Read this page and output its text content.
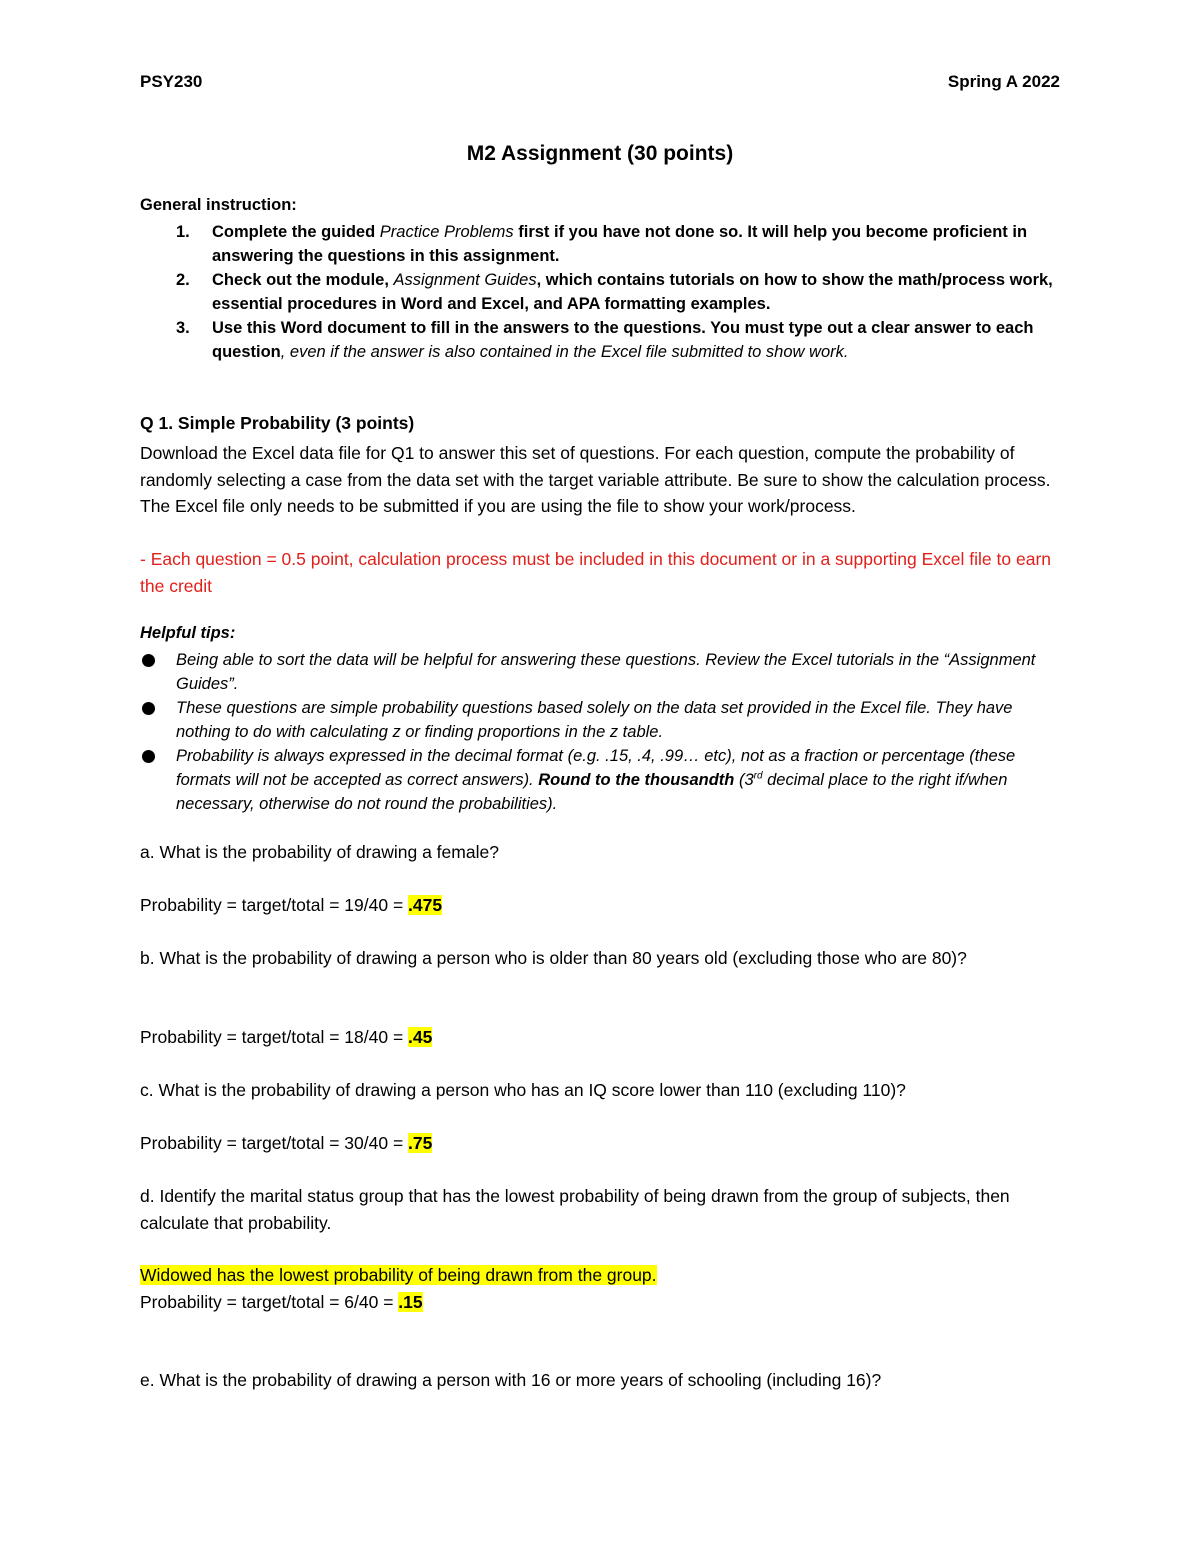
PSY230	Spring A 2022
M2 Assignment (30 points)
General instruction:
1. Complete the guided Practice Problems first if you have not done so. It will help you become proficient in answering the questions in this assignment.
2. Check out the module, Assignment Guides, which contains tutorials on how to show the math/process work, essential procedures in Word and Excel, and APA formatting examples.
3. Use this Word document to fill in the answers to the questions. You must type out a clear answer to each question, even if the answer is also contained in the Excel file submitted to show work.
Q 1. Simple Probability (3 points)
Download the Excel data file for Q1 to answer this set of questions. For each question, compute the probability of randomly selecting a case from the data set with the target variable attribute. Be sure to show the calculation process. The Excel file only needs to be submitted if you are using the file to show your work/process.
- Each question = 0.5 point, calculation process must be included in this document or in a supporting Excel file to earn the credit
Helpful tips:
Being able to sort the data will be helpful for answering these questions. Review the Excel tutorials in the “Assignment Guides”.
These questions are simple probability questions based solely on the data set provided in the Excel file. They have nothing to do with calculating z or finding proportions in the z table.
Probability is always expressed in the decimal format (e.g. .15, .4, .99… etc), not as a fraction or percentage (these formats will not be accepted as correct answers). Round to the thousandth (3rd decimal place to the right if/when necessary, otherwise do not round the probabilities).
a. What is the probability of drawing a female?
Probability = target/total = 19/40 = .475
b. What is the probability of drawing a person who is older than 80 years old (excluding those who are 80)?
Probability = target/total = 18/40 = .45
c. What is the probability of drawing a person who has an IQ score lower than 110 (excluding 110)?
Probability = target/total = 30/40 = .75
d. Identify the marital status group that has the lowest probability of being drawn from the group of subjects, then calculate that probability.
Widowed has the lowest probability of being drawn from the group.
Probability = target/total = 6/40 = .15
e. What is the probability of drawing a person with 16 or more years of schooling (including 16)?
